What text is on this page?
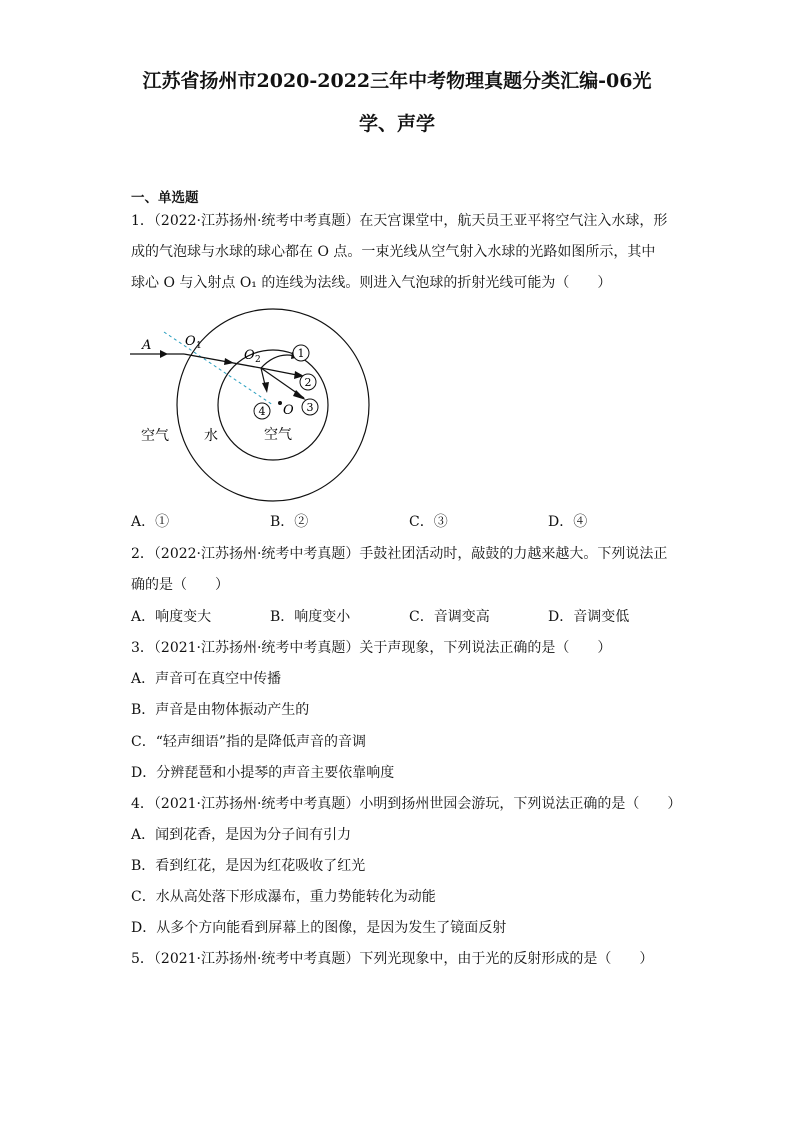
江苏省扬州市2020-2022三年中考物理真题分类汇编-06光
学、声学
一、单选题
1．（2022·江苏扬州·统考中考真题）在天宫课堂中，航天员王亚平将空气注入水球，形
成的气泡球与水球的球心都在 O 点。一束光线从空气射入水球的光路如图所示，其中
球心 O 与入射点 O₁ 的连线为法线。则进入气泡球的折射光线可能为（　　）
A	O 1
O 2
O
1
2
3
4
空气	水	空气
A．①	B．②	C．③	D．④
2．（2022·江苏扬州·统考中考真题）手鼓社团活动时，敲鼓的力越来越大。下列说法正
确的是（　　）
A．响度变大	B．响度变小	C．音调变高	D．音调变低
3．（2021·江苏扬州·统考中考真题）关于声现象，下列说法正确的是（　　）
A．声音可在真空中传播
B．声音是由物体振动产生的
C．“轻声细语”指的是降低声音的音调
D．分辨琵琶和小提琴的声音主要依靠响度
4．（2021·江苏扬州·统考中考真题）小明到扬州世园会游玩，下列说法正确的是（　　）
A．闻到花香，是因为分子间有引力
B．看到红花，是因为红花吸收了红光
C．水从高处落下形成瀑布，重力势能转化为动能
D．从多个方向能看到屏幕上的图像，是因为发生了镜面反射
5．（2021·江苏扬州·统考中考真题）下列光现象中，由于光的反射形成的是（　　）
